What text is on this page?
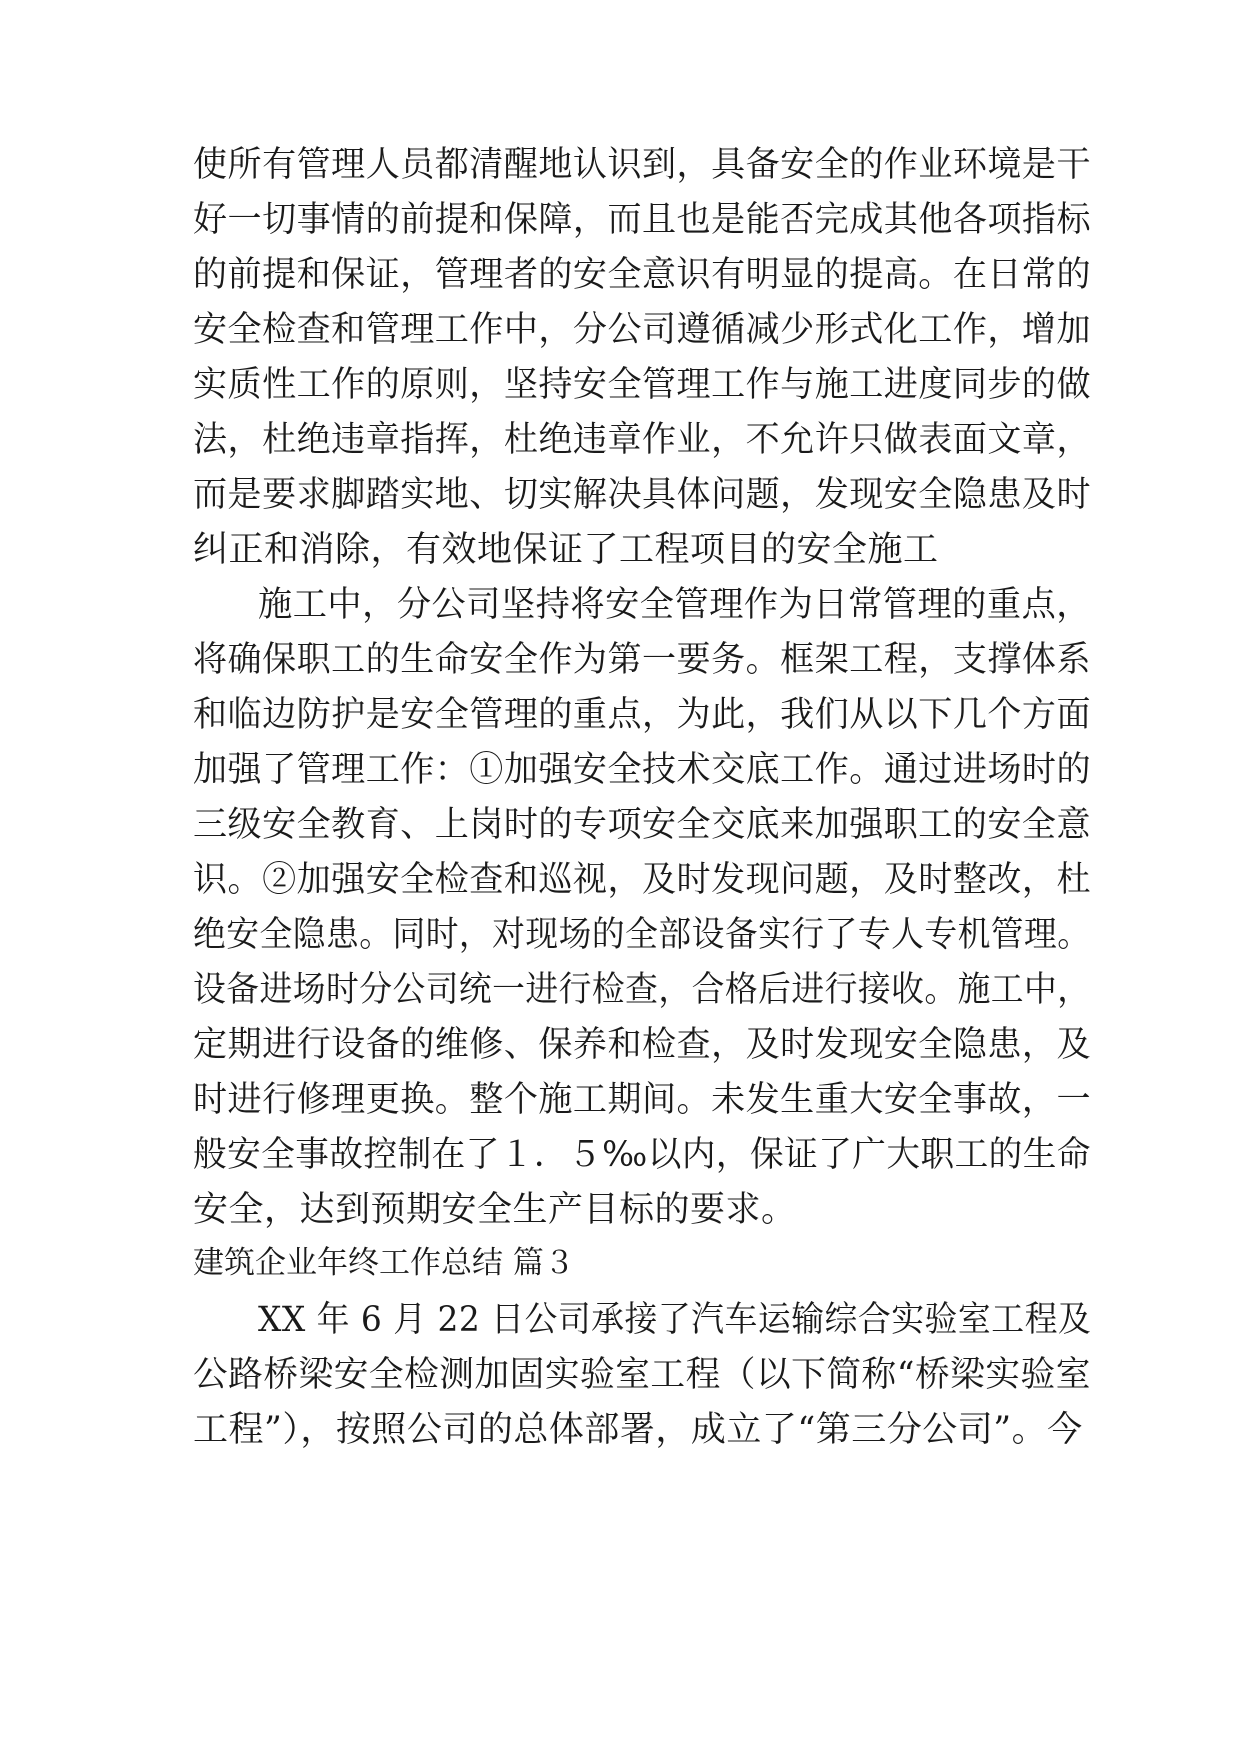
使所有管理人员都清醒地认识到，具备安全的作业环境是干
好一切事情的前提和保障，而且也是能否完成其他各项指标
的前提和保证，管理者的安全意识有明显的提高。在日常的
安全检查和管理工作中，分公司遵循减少形式化工作，增加
实质性工作的原则，坚持安全管理工作与施工进度同步的做
法，杜绝违章指挥，杜绝违章作业，不允许只做表面文章，
而是要求脚踏实地、切实解决具体问题，发现安全隐患及时
纠正和消除，有效地保证了工程项目的安全施工
施工中，分公司坚持将安全管理作为日常管理的重点，
将确保职工的生命安全作为第一要务。框架工程，支撑体系
和临边防护是安全管理的重点，为此，我们从以下几个方面
加强了管理工作：①加强安全技术交底工作。通过进场时的
三级安全教育、上岗时的专项安全交底来加强职工的安全意
识。②加强安全检查和巡视，及时发现问题，及时整改，杜
绝安全隐患。同时，对现场的全部设备实行了专人专机管理。
设备进场时分公司统一进行检查，合格后进行接收。施工中，
定期进行设备的维修、保养和检查，及时发现安全隐患，及
时进行修理更换。整个施工期间。未发生重大安全事故，一
般安全事故控制在了１．５‰以内，保证了广大职工的生命
安全，达到预期安全生产目标的要求。
建筑企业年终工作总结 篇３
XX 年 6 月 22 日公司承接了汽车运输综合实验室工程及
公路桥梁安全检测加固实验室工程（以下简称“桥梁实验室
工程”），按照公司的总体部署，成立了“第三分公司”。今
